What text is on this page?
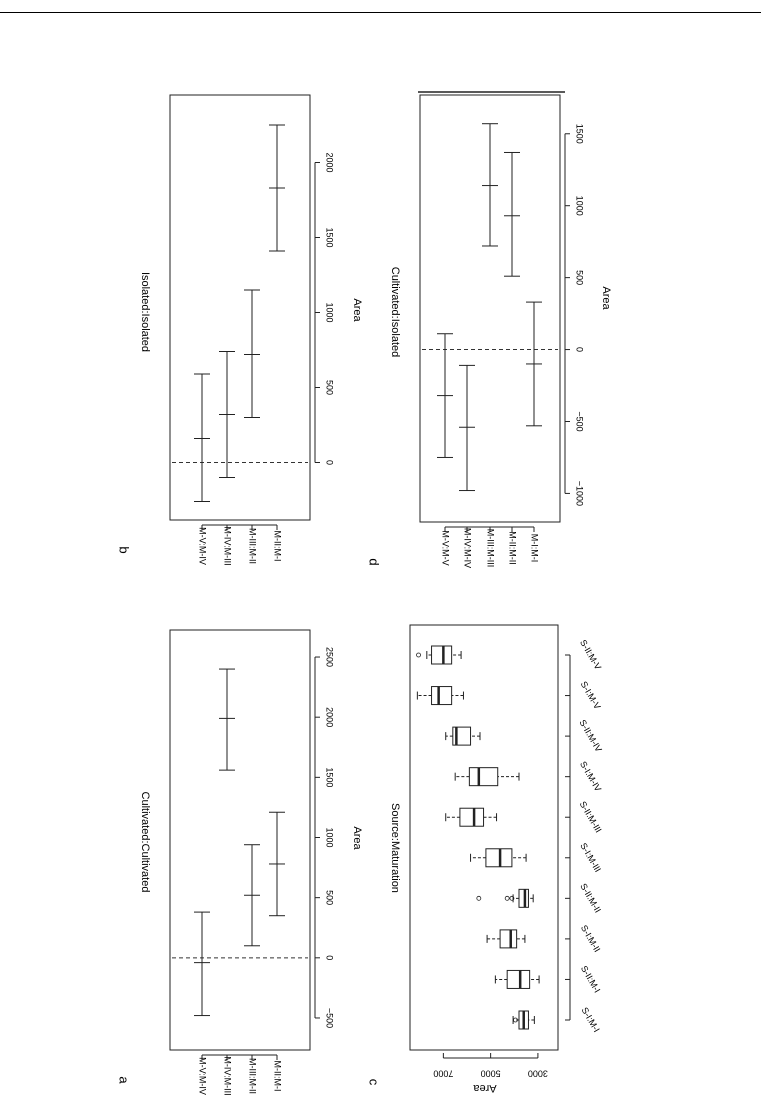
−500
0
500
1000
1500
2000
2500
M-V:M-IV M-IV:M-III M-III:M-II M-II:M-I
Cultivated:Cultivated	Area
a
0
500
1000
1500
2000
M-V:M-IV M-IV:M-III M-III:M-II M-II:M-I
Isolated:Isolated	Area
b
−1000
−500
0
500
1000
1500
M-V:M-V M-IV:M-IV M-III:M-III M-II:M-II M-I:M-I
Cultivated:Isolated	Area
d
3000
5000
7000
Area
S-I:M-I
S-II:M-I
S-I:M-II
S-II:M-II
S-I:M-III
S-II:M-III
S-I:M-IV
S-II:M-IV
S-I:M-V
S-II:M-V
Source:Maturation
c
